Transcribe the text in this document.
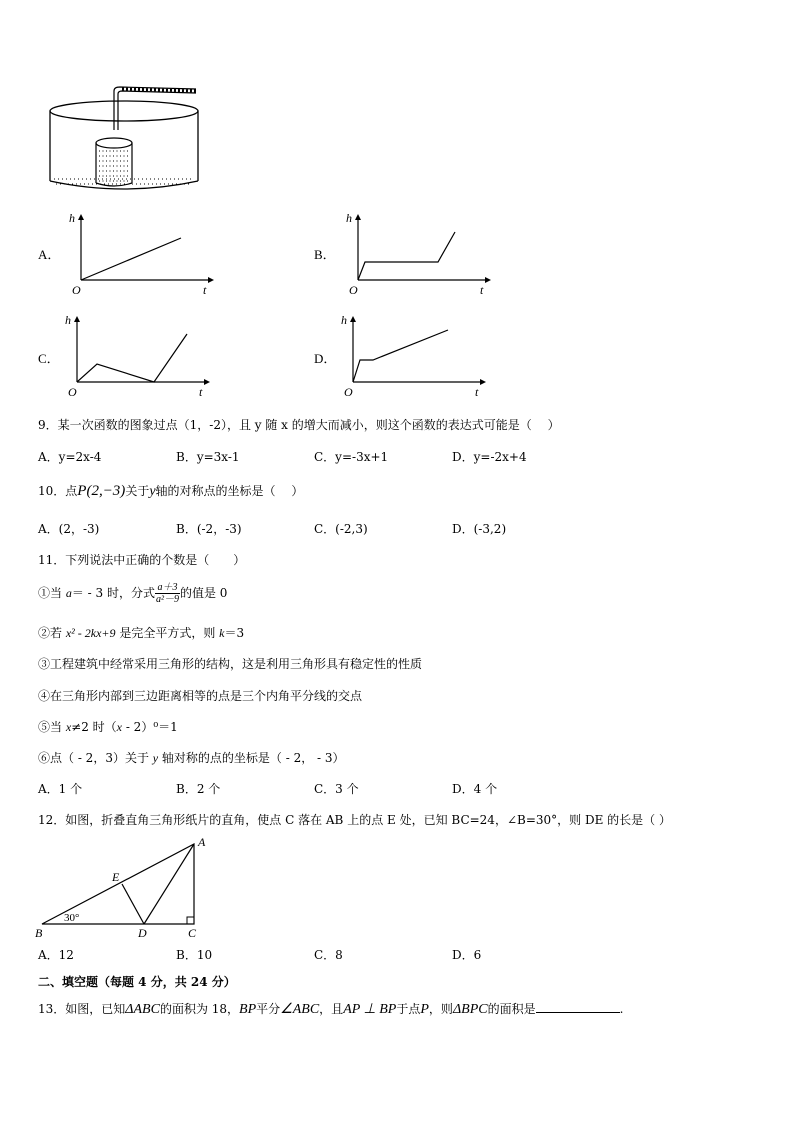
A．
h
O	t
B．
h
O	t
C．
h
O	t
D．
h
O	t
9．某一次函数的图象过点（1，-2），且 y 随 x 的增大而减小，则这个函数的表达式可能是（　 ）
A．y=2x-4	B．y=3x-1	C．y=-3x+1	D．y=-2x+4
10．点P(2,−3)关于y轴的对称点的坐标是（　 ）
A．(2，-3)	B．(-2，-3)	C．(-2,3)	D．(-3,2)
11．下列说法中正确的个数是（　　）
①当 a＝ - 3 时，分式 $\frac{a+3}{\text{a²－9}}$ 的值是 0
②若 x² - 2kx+9 是完全平方式，则 k＝3
③工程建筑中经常采用三角形的结构，这是利用三角形具有稳定性的性质
④在三角形内部到三边距离相等的点是三个内角平分线的交点
⑤当 x≠2 时（x - 2）⁰＝1
⑥点（ - 2，3）关于 y 轴对称的点的坐标是（ - 2， - 3）
A．1 个	B．2 个	C．3 个	D．4 个
12．如图，折叠直角三角形纸片的直角，使点 C 落在 AB 上的点 E 处，已知 BC=24，∠B=30°，则 DE 的长是（ ）
A
B	C
D
E
30°
A．12	B．10	C．8	D．6
二、填空题（每题 4 分，共 24 分）
13．如图，已知ΔABC的面积为 18，BP平分∠ABC，且AP ⊥ BP于点P，则ΔBPC的面积是	.
